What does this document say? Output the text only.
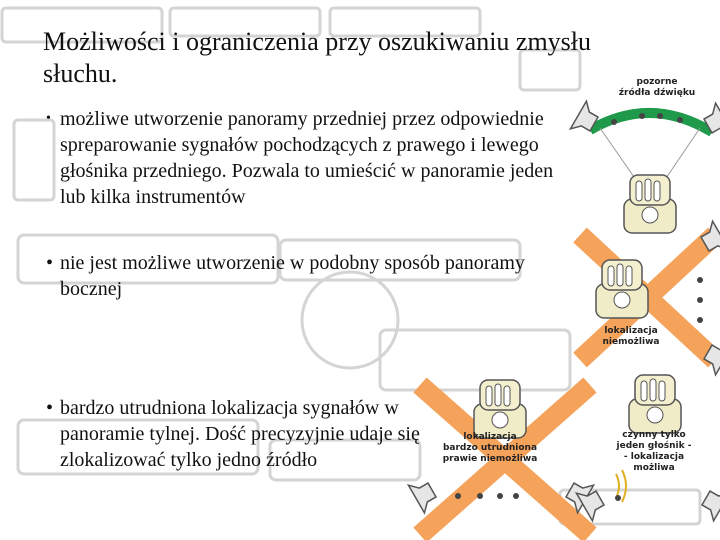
Możliwości i ograniczenia przy oszukiwaniu zmysłu słuchu.
• możliwe utworzenie panoramy przedniej przez odpowiednie spreparowanie sygnałów pochodzących z prawego i lewego głośnika przedniego. Pozwala to umieścić w panoramie jeden lub kilka instrumentów
• nie jest możliwe utworzenie w podobny sposób panoramy bocznej
• bardzo utrudniona lokalizacja sygnałów w panoramie tylnej. Dość precyzyjnie udaje się zlokalizować tylko jedno źródło
pozorne
źródła dźwięku
lokalizacja
niemożliwa
lokalizacja
bardzo utrudniona
prawie niemożliwa
czynny tylko
jeden głośnik -
- lokalizacja
możliwa
